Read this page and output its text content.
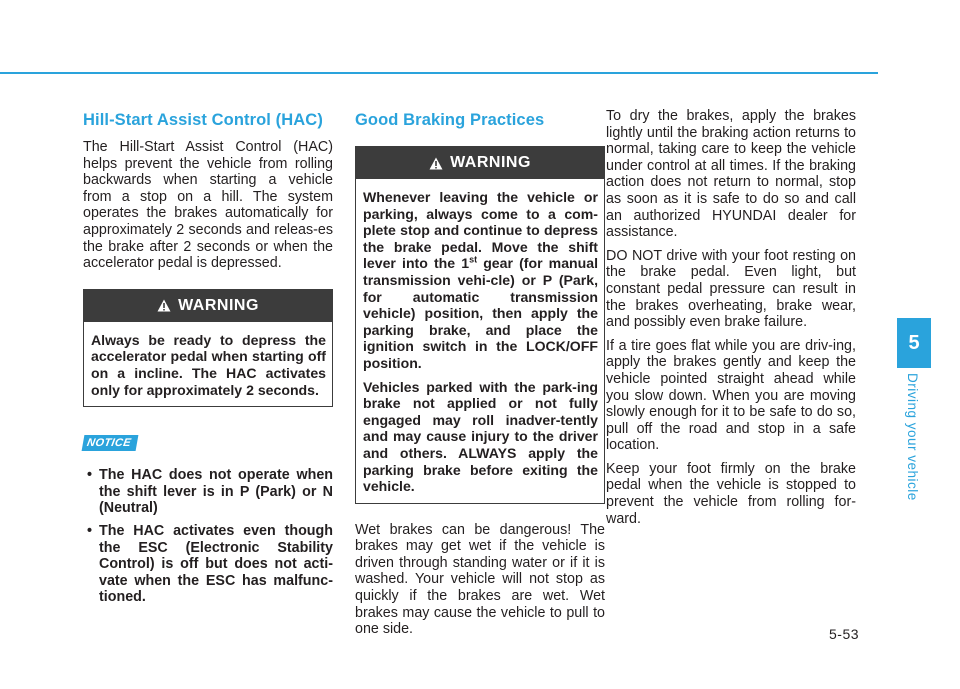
Hill-Start Assist Control (HAC)

The Hill-Start Assist Control (HAC) helps prevent the vehicle from rolling backwards when starting a vehicle from a stop on a hill. The system operates the brakes automatically for approximately 2 seconds and releas-es the brake after 2 seconds or when the accelerator pedal is depressed.

WARNING
Always be ready to depress the accelerator pedal when starting off on a incline. The HAC activates only for approximately 2 seconds.
NOTICE
• The HAC does not operate when the shift lever is in P (Park) or N (Neutral)
• The HAC activates even though the ESC (Electronic Stability Control) is off but does not acti-vate when the ESC has malfunc-tioned.
Good Braking Practices
WARNING

Whenever leaving the vehicle or parking, always come to a com-plete stop and continue to depress the brake pedal. Move the shift lever into the 1st gear (for manual transmission vehi-cle) or P (Park, for automatic transmission vehicle) position, then apply the parking brake, and place the ignition switch in the LOCK/OFF position.

Vehicles parked with the park-ing brake not applied or not fully engaged may roll inadver-tently and may cause injury to the driver and others. ALWAYS apply the parking brake before exiting the vehicle.

Wet brakes can be dangerous! The brakes may get wet if the vehicle is driven through standing water or if it is washed. Your vehicle will not stop as quickly if the brakes are wet. Wet brakes may cause the vehicle to pull to one side.

To dry the brakes, apply the brakes lightly until the braking action returns to normal, taking care to keep the vehicle under control at all times. If the braking action does not return to normal, stop as soon as it is safe to do so and call an authorized HYUNDAI dealer for assistance.

DO NOT drive with your foot resting on the brake pedal. Even light, but constant pedal pressure can result in the brakes overheating, brake wear, and possibly even brake failure.

If a tire goes flat while you are driv-ing, apply the brakes gently and keep the vehicle pointed straight ahead while you slow down. When you are moving slowly enough for it to be safe to do so, pull off the road and stop in a safe location.

Keep your foot firmly on the brake pedal when the vehicle is stopped to prevent the vehicle from rolling for-ward.

5
Driving your vehicle
5-53
